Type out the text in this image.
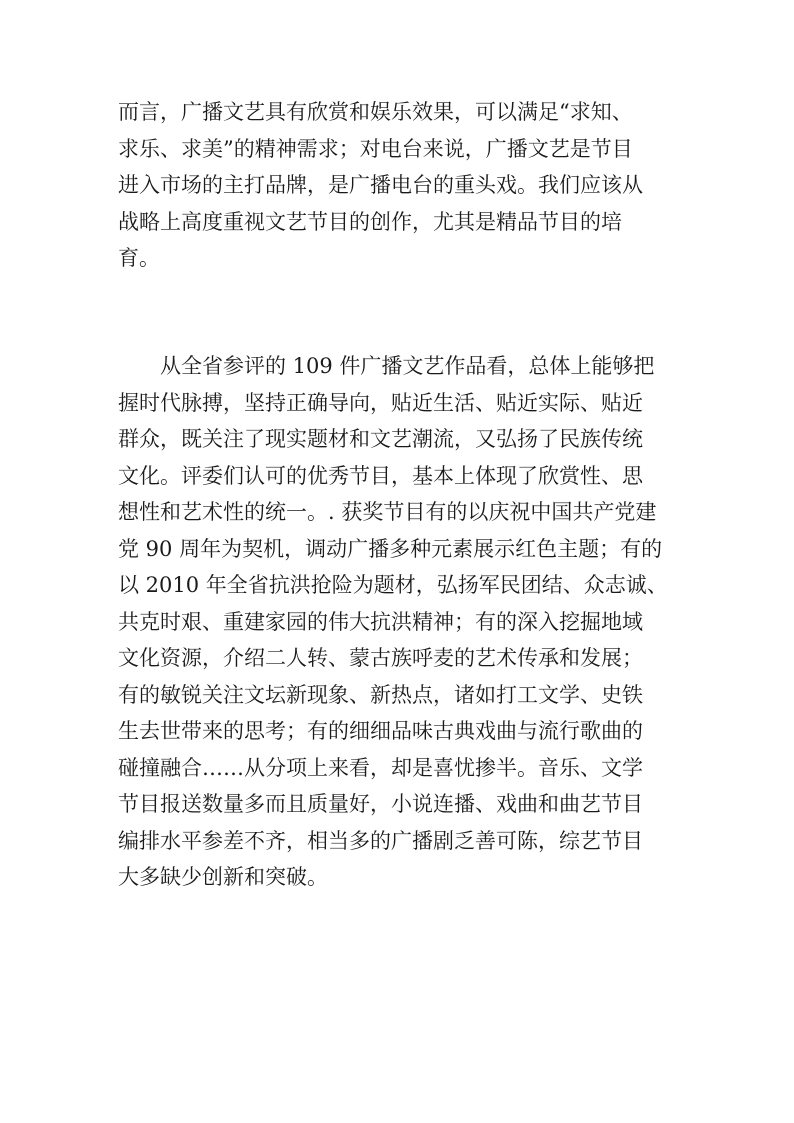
而言，广播文艺具有欣赏和娱乐效果，可以满足“求知、
求乐、求美”的精神需求；对电台来说，广播文艺是节目
进入市场的主打品牌，是广播电台的重头戏。我们应该从
战略上高度重视文艺节目的创作，尤其是精品节目的培
育。
从全省参评的 109 件广播文艺作品看，总体上能够把
握时代脉搏，坚持正确导向，贴近生活、贴近实际、贴近
群众，既关注了现实题材和文艺潮流，又弘扬了民族传统
文化。评委们认可的优秀节目，基本上体现了欣赏性、思
想性和艺术性的统一。. 获奖节目有的以庆祝中国共产党建
党 90 周年为契机，调动广播多种元素展示红色主题；有的
以 2010 年全省抗洪抢险为题材，弘扬军民团结、众志诚、
共克时艰、重建家园的伟大抗洪精神；有的深入挖掘地域
文化资源，介绍二人转、蒙古族呼麦的艺术传承和发展；
有的敏锐关注文坛新现象、新热点，诸如打工文学、史铁
生去世带来的思考；有的细细品味古典戏曲与流行歌曲的
碰撞融合……从分项上来看，却是喜忧掺半。音乐、文学
节目报送数量多而且质量好，小说连播、戏曲和曲艺节目
编排水平参差不齐，相当多的广播剧乏善可陈，综艺节目
大多缺少创新和突破。
